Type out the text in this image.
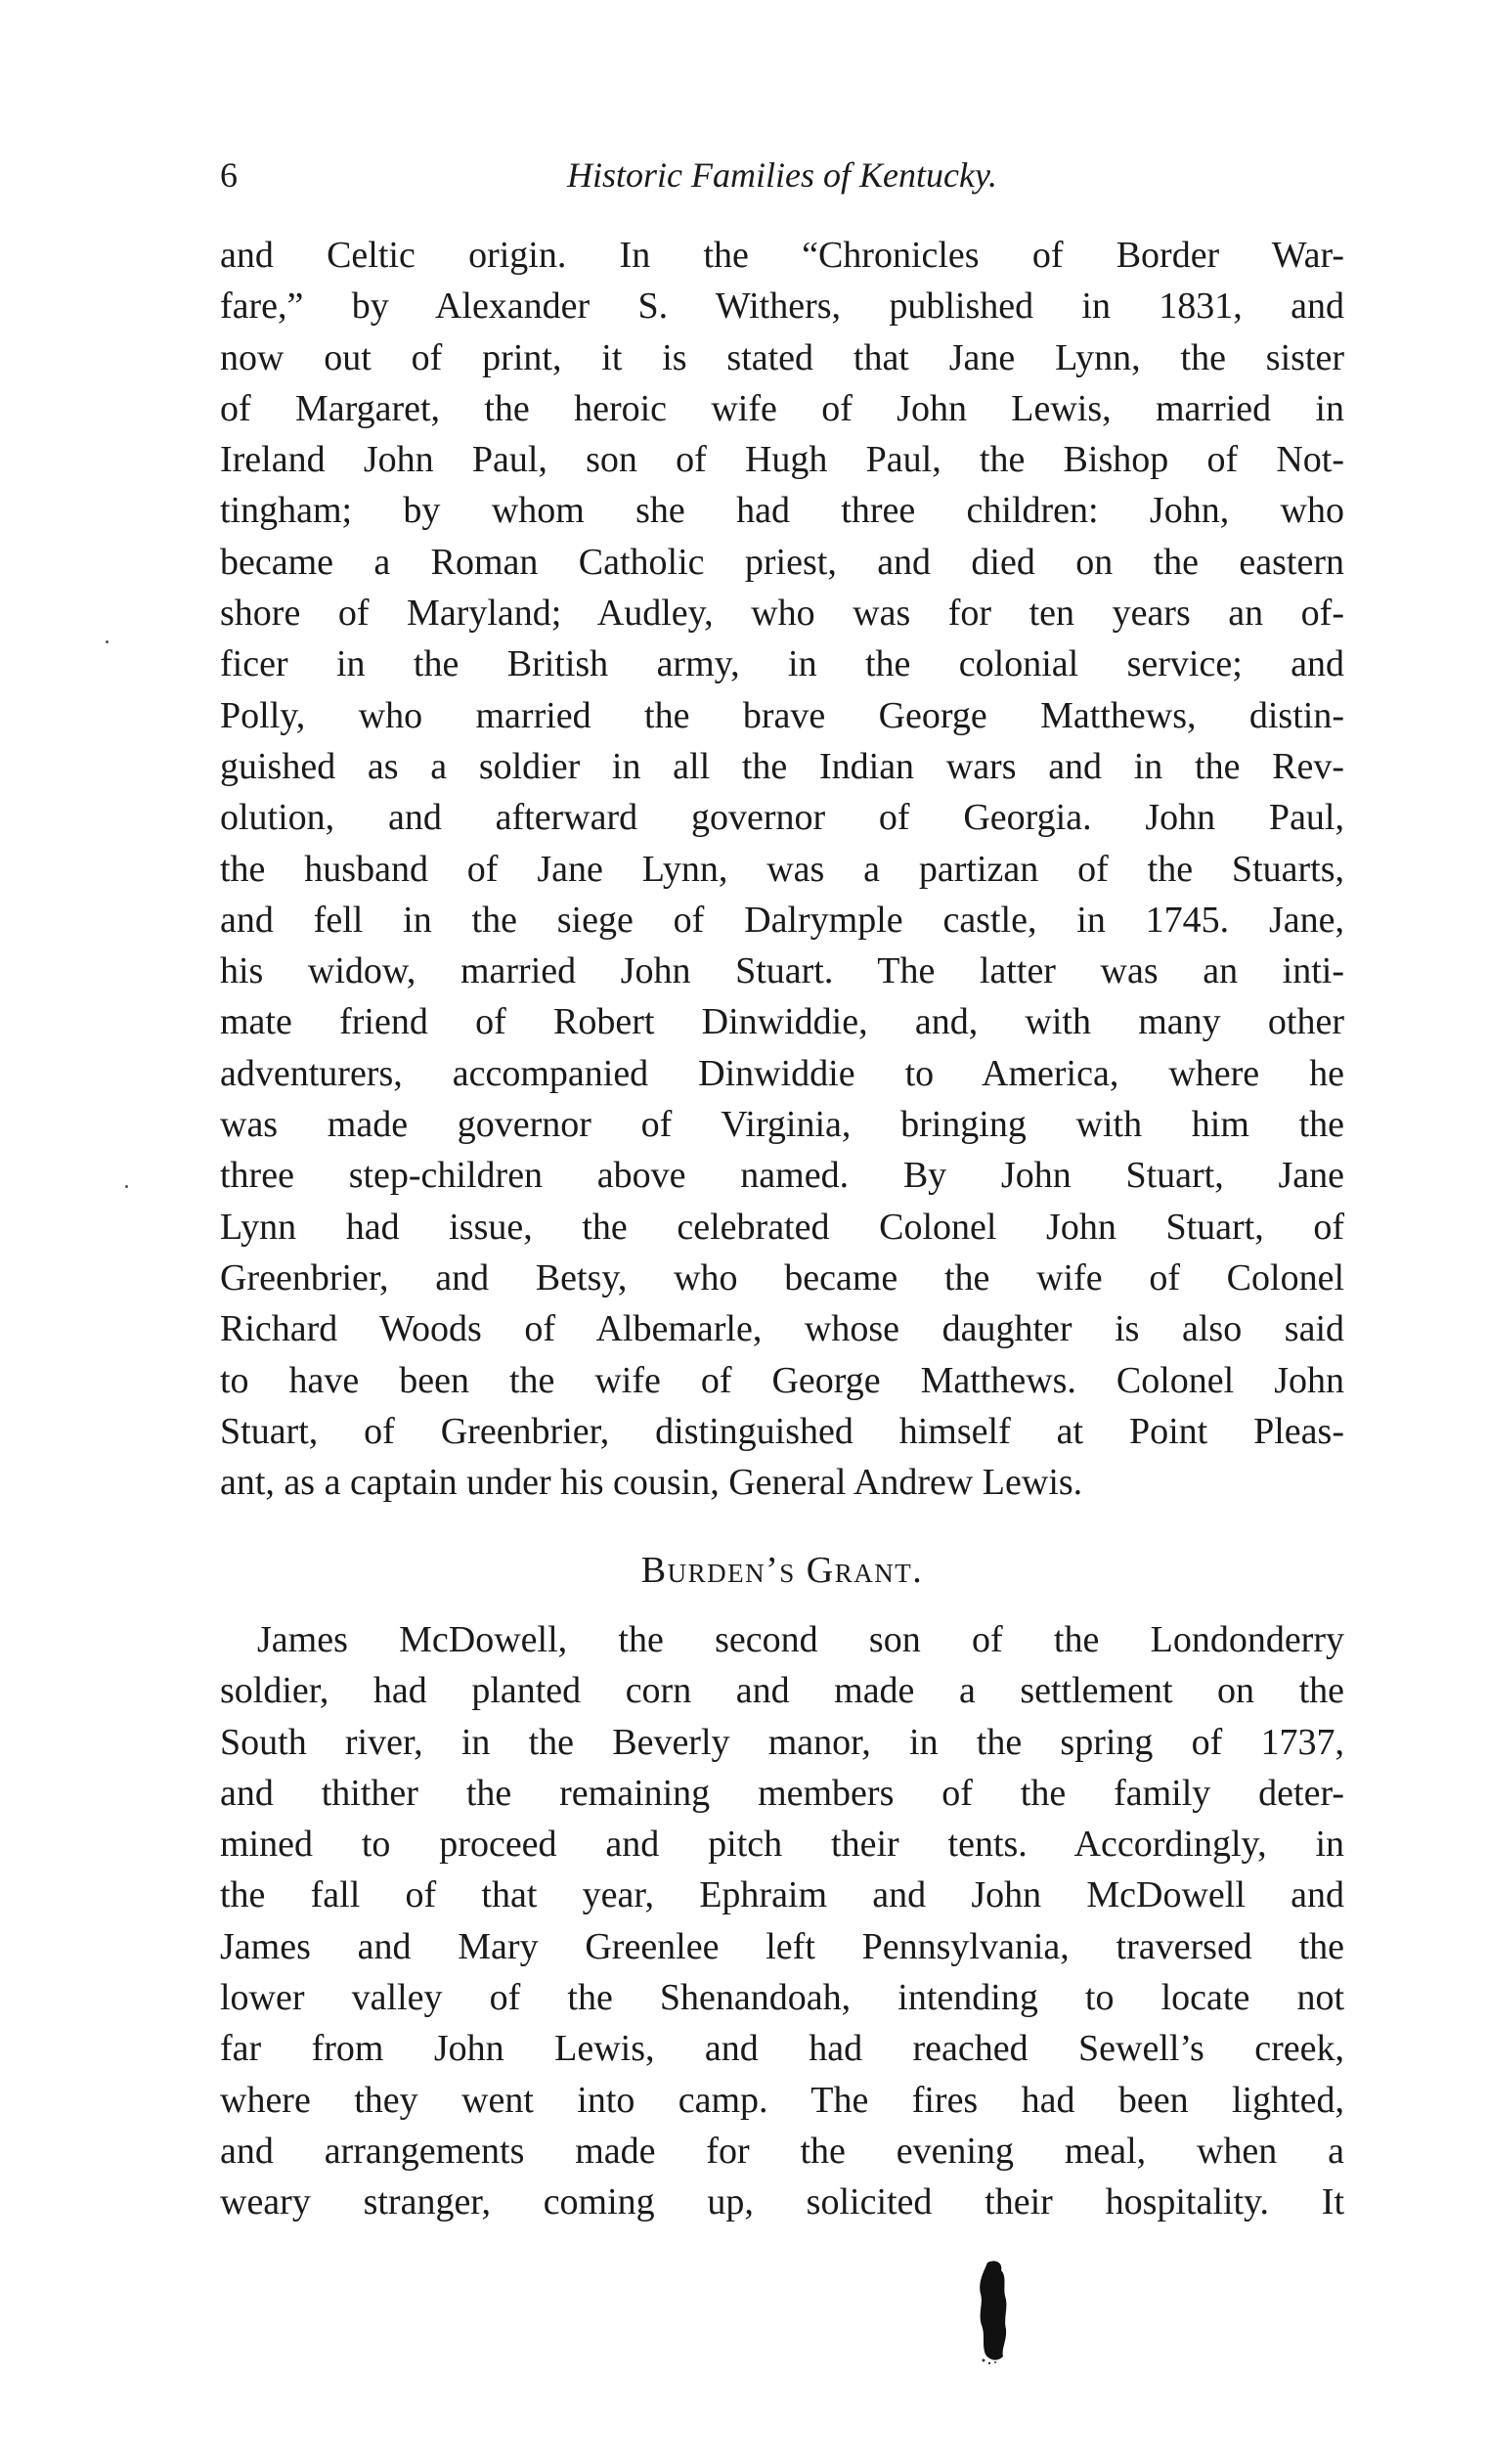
6	Historic Families of Kentucky.
and Celtic origin. In the “Chronicles of Border War-
fare,” by Alexander S. Withers, published in 1831, and
now out of print, it is stated that Jane Lynn, the sister
of Margaret, the heroic wife of John Lewis, married in
Ireland John Paul, son of Hugh Paul, the Bishop of Not-
tingham; by whom she had three children: John, who
became a Roman Catholic priest, and died on the eastern
shore of Maryland; Audley, who was for ten years an of-
ficer in the British army, in the colonial service; and
Polly, who married the brave George Matthews, distin-
guished as a soldier in all the Indian wars and in the Rev-
olution, and afterward governor of Georgia. John Paul,
the husband of Jane Lynn, was a partizan of the Stuarts,
and fell in the siege of Dalrymple castle, in 1745. Jane,
his widow, married John Stuart. The latter was an inti-
mate friend of Robert Dinwiddie, and, with many other
adventurers, accompanied Dinwiddie to America, where he
was made governor of Virginia, bringing with him the
three step-children above named. By John Stuart, Jane
Lynn had issue, the celebrated Colonel John Stuart, of
Greenbrier, and Betsy, who became the wife of Colonel
Richard Woods of Albemarle, whose daughter is also said
to have been the wife of George Matthews. Colonel John
Stuart, of Greenbrier, distinguished himself at Point Pleas-
ant, as a captain under his cousin, General Andrew Lewis.
Burden’s Grant.
James McDowell, the second son of the Londonderry
soldier, had planted corn and made a settlement on the
South river, in the Beverly manor, in the spring of 1737,
and thither the remaining members of the family deter-
mined to proceed and pitch their tents. Accordingly, in
the fall of that year, Ephraim and John McDowell and
James and Mary Greenlee left Pennsylvania, traversed the
lower valley of the Shenandoah, intending to locate not
far from John Lewis, and had reached Sewell’s creek,
where they went into camp. The fires had been lighted,
and arrangements made for the evening meal, when a
weary stranger, coming up, solicited their hospitality. It
